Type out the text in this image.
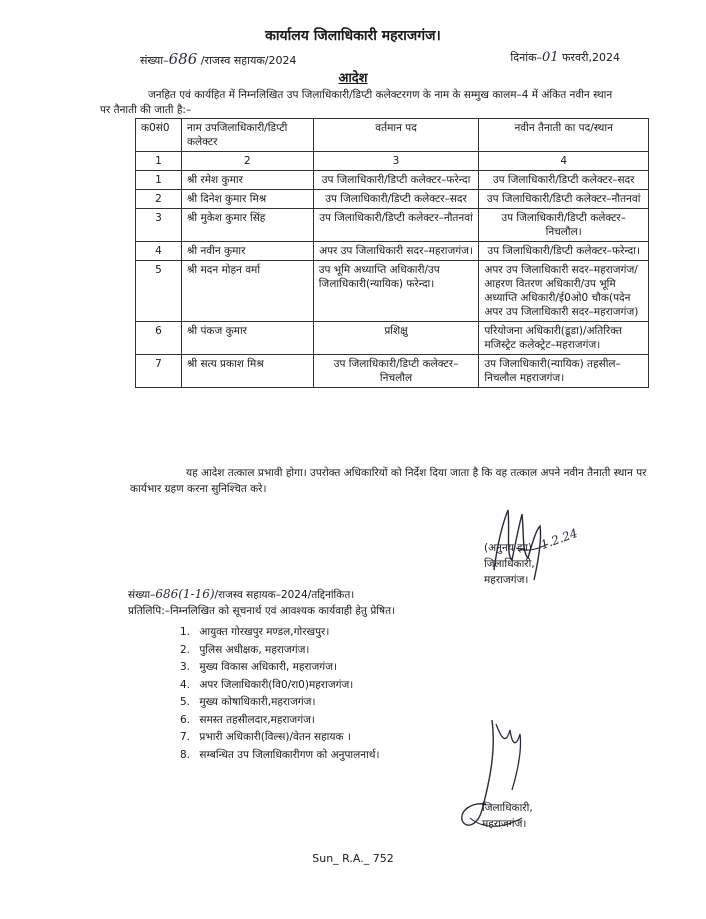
कार्यालय जिलाधिकारी महराजगंज।
संख्या–686 /राजस्व सहायक/2024	दिनांक–01 फरवरी,2024
आदेश
जनहित एवं कार्यहित में निम्नलिखित उप जिलाधिकारी/डिप्टी कलेक्टरगण के नाम के सम्मुख कालम–4 में अंकित नवीन स्थान पर तैनाती की जाती है:–
क0सं0	नाम उपजिलाधिकारी/डिप्टी कलेक्टर	वर्तमान पद	नवीन तैनाती का पद/स्थान
1	2	3	4
1	श्री रमेश कुमार	उप जिलाधिकारी/डिप्टी कलेक्टर–फरेन्दा	उप जिलाधिकारी/डिप्टी कलेक्टर–सदर
2	श्री दिनेश कुमार मिश्र	उप जिलाधिकारी/डिप्टी कलेक्टर–सदर	उप जिलाधिकारी/डिप्टी कलेक्टर–नौतनवां
3	श्री मुकेश कुमार सिंह	उप जिलाधिकारी/डिप्टी कलेक्टर–नौतनवां	उप जिलाधिकारी/डिप्टी कलेक्टर–निचलौल।
4	श्री नवीन कुमार	अपर उप जिलाधिकारी सदर–महराजगंज।	उप जिलाधिकारी/डिप्टी कलेक्टर–फरेन्दा।
5	श्री मदन मोहन वर्मा	उप भूमि अध्याप्ति अधिकारी/उप जिलाधिकारी(न्यायिक) फरेन्दा।	अपर उप जिलाधिकारी सदर–महराजगंज/आहरण वितरण अधिकारी/उप भूमि अध्याप्ति अधिकारी/ई0ओ0 चौक(पदेन अपर उप जिलाधिकारी सदर–महराजगंज)
6	श्री पंकज कुमार	प्रशिक्षु	परियोजना अधिकारी(डूडा)/अतिरिक्त मजिस्ट्रेट कलेक्ट्रेट–महराजगंज।
7	श्री सत्य प्रकाश मिश्र	उप जिलाधिकारी/डिप्टी कलेक्टर–निचलौल	उप जिलाधिकारी(न्यायिक) तहसील–निचलौल महराजगंज।
यह आदेश तत्काल प्रभावी होगा। उपरोक्त अधिकारियों को निर्देश दिया जाता है कि वह तत्काल अपने नवीन तैनाती स्थान पर कार्यभार ग्रहण करना सुनिश्चित करे।
1.2.24
(अनुनय झा)
जिलाधिकारी,
महराजगंज।
संख्या–686(1-16)/राजस्व सहायक–2024/तद्दिनांकित।
प्रतिलिपि:–निम्नलिखित को सूचनार्थ एवं आवश्यक कार्यवाही हेतु प्रेषित।
1. आयुक्त गोरखपुर मण्डल,गोरखपुर।
2. पुलिस अधीक्षक, महराजगंज।
3. मुख्य विकास अधिकारी, महराजगंज।
4. अपर जिलाधिकारी(वि0/रा0)महराजगंज।
5. मुख्य कोषाधिकारी,महराजगंज।
6. समस्त तहसीलदार,महराजगंज।
7. प्रभारी अधिकारी(विल्स)/वेतन सहायक ।
8. सम्बन्धित उप जिलाधिकारीगण को अनुपालनार्थ।
जिलाधिकारी,
महराजगंज।
Sun_ R.A._ 752
